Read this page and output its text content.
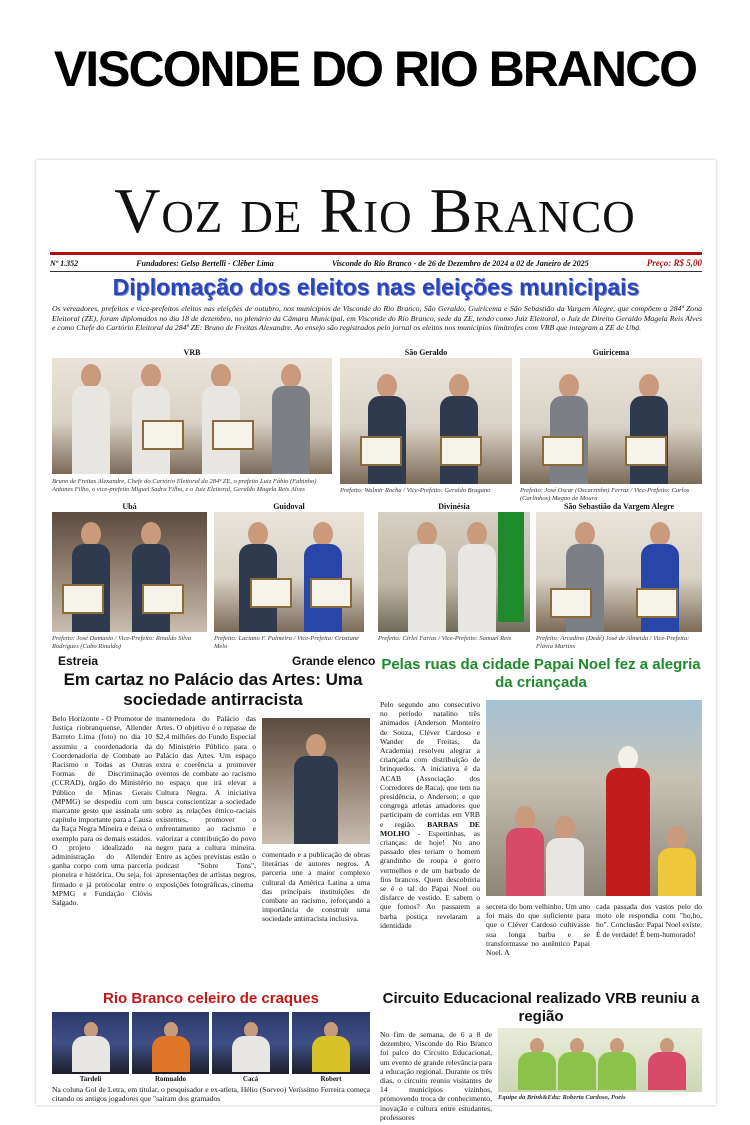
VISCONDE DO RIO BRANCO
Voz de Rio Branco
Nº 1.352	Fundadores: Gelso Bertelli - Clêber Lima	Visconde do Rio Branco - de 26 de Dezembro de 2024 a 02 de Janeiro de 2025	Preço: R$ 5,00
Diplomação dos eleitos nas eleições municipais
Os vereadores, prefeitos e vice-prefeitos eleitos nas eleições de outubro, nos municípios de Visconde do Rio Branco, São Geraldo, Guiricema e São Sebastião da Vargem Alegre, que compõem a 284ª Zona Eleitoral (ZE), foram diplomados no dia 18 de dezembro, no plenário da Câmara Municipal, em Visconde do Rio Branco, sede da ZE, tendo como Juiz Eleitoral, o Juiz de Direito Geraldo Magela Reis Alves e como Chefe do Cartório Eleitoral da 284ª ZE: Bruno de Freitas Alexandre. Ao ensejo são registrados pelo jornal os eleitos nos municípios limítrofes com VRB que integram a ZE de Ubá.
VRB	São Geraldo	Guiricema
Bruno de Freitas Alexandre, Chefe do Cartório Eleitoral da 284ª ZE, o prefeito Luiz Fábio (Fabinho) Antunes Filho, o vice-prefeito Miguel Sadra Filho, e o Juiz Eleitoral, Geraldo Magela Reis Alves	Prefeito: Walmir Rocha / Vice-Prefeito: Geraldo Brugano	Prefeito: José Oscar (Oscarzinho) Ferraz / Vice-Prefeito: Carlos (Carlinhos) Magno de Moura
Ubá	Guidoval	Divinésia	São Sebastião da Vargem Alegre
Prefeito: José Damasio / Vice-Prefeito: Rinaldo Silva Rodrigues (Cabo Rinaldo)
Prefeito: Luciano F. Palmeira / Vice-Prefeita: Cristiane Melo
Prefeito: Cirlei Farias / Vice-Prefeito: Samuel Reis	Prefeito: Arcadino (Dedé) José de Almeida / Vice-Prefeita: Flávia Martins
Estreia	Grande elenco
Em cartaz no Palácio das Artes: Uma sociedade antirracista
Belo Horizonte - O Promotor de Justiça riobranquense, Allender Barreto Lima (foto) no dia 10 assumiu a coordenadoria da Coordenadoria de Combate ao Racismo e Todas as Outras Formas de Discriminação (CCRAD), órgão do Ministério Público de Minas Gerais (MPMG) se despediu com um marcante gesto que assinala um capítulo importante para a Causa da Raça Negra Mineira e deixa o exemplo para os demais estados. O projeto idealizado na administração do Allender ganha corpo com uma parceria pioneira e histórica. Ou seja, foi firmado e já protocolar entre o MPMG e Fundação Clóvis Salgado.
mantenedora do Palácio das Artes. O objetivo é o repasse de $2,4 milhões do Fundo Especial do Ministério Público para o Palácio das Artes. Um espaço extra e coerência a promover eventos de combate ao racismo no espaço que irá elevar a Cultura Negra. A iniciativa busca conscientizar a sociedade sobre as relações étnico-raciais existentes, promover o enfrentamento ao racismo e valorizar a contribuição do povo negro para a cultura mineira. Entre as ações previstas estão o podcast "Sobre Tons", apresentações de artistas negros, exposições fotográficas, cinema
comentado e a publicação de obras literárias de autores negros. A parceria une a maior complexo cultural da América Latina a uma das principais instituições de combate ao racismo, reforçando a importância de construir uma sociedade antirracista inclusiva.
Pelas ruas da cidade Papai Noel fez a alegria da criançada
Pelo segundo ano consecutivo no período natalino três animados (Anderson Monteiro de Souza, Cléver Cardoso e Wander de Freitas, da Academia) resolveu alegrar a criançada com distribuição de brinquedos. A iniciativa é da ACAB (Associação dos Corredores de Raca), que tem na presidência, o Anderson; e que congrega atletas amadores que participam de corridas em VRB e região. BARBAS DE MOLHO - Espertinhas, as crianças: de hoje! No ano passado eles teriam o homem grandinho de roupa e gorro vermelhos e de um barbudo de fios brancos. Quem descobriria se é o tal do Papai Noel ou disfarce de vestido. E sabem o que fomos? Ao passarem a barba postiça revelaram a identidade
secreta do bom velhinho. Um ano foi mais do que suficiente para que o Cléver Cardoso cultivasse sua longa barba e se transformasse no autêntico Papai Noel. A
cada passada dos vastos pelo do moto ele respondia com "ho,ho, ho". Conclusão: Papai Noel existe. É de verdade! É bem-humorado!
Rio Branco celeiro de craques
Tardeli	Romualdo	Cacá	Robert
Na coluna Gol de Letra, em titular, o pesquisador e ex-atleta, Hélio (Sorveo) Veríssimo Ferreira começa citando os antigos jogadores que "saíram dos gramados
Circuito Educacional realizado VRB reuniu a região
No fim de semana, de 6 a 8 de dezembro, Visconde do Rio Branco foi palco do Circuito Educacional, um evento de grande relevância para a educação regional. Durante os três dias, o circuito reuniu visitantes de 14 municípios vizinhos, promovendo troca de conhecimento, inovação e cultura entre estudantes, professores
Equipe da Brink&Edu: Roberta Cardoso, Poeis
